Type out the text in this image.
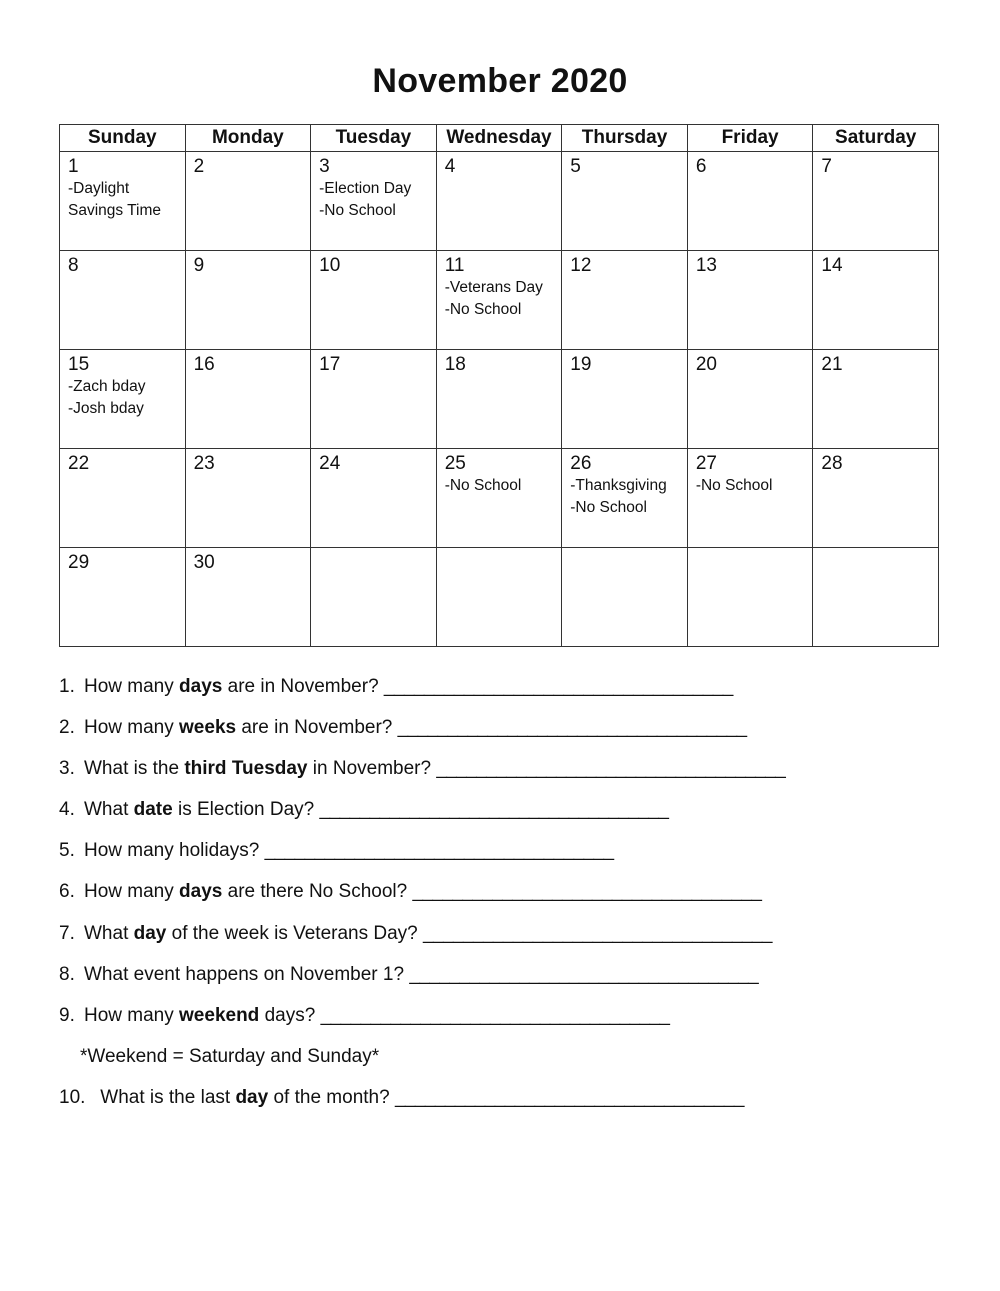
November 2020
Sunday	Monday	Tuesday	Wednesday	Thursday	Friday	Saturday

1
-Daylight
Savings Time	2	3
-Election Day
-No School	4	5	6	7

8	9	10	11
-Veterans Day
-No School	12	13	14

15
-Zach bday
-Josh bday	16	17	18	19	20	21

22	23	24	25
-No School	26
-Thanksgiving
-No School	27
-No School	28

29	30					

1. How many days are in November? ___________________________________
2. How many weeks are in November? ___________________________________
3. What is the third Tuesday in November? ___________________________________
4. What date is Election Day? ___________________________________
5. How many holidays? ___________________________________
6. How many days are there No School? ___________________________________
7. What day of the week is Veterans Day? ___________________________________
8. What event happens on November 1? ___________________________________
9. How many weekend days? ___________________________________
*Weekend = Saturday and Sunday*
10. What is the last day of the month? ___________________________________
